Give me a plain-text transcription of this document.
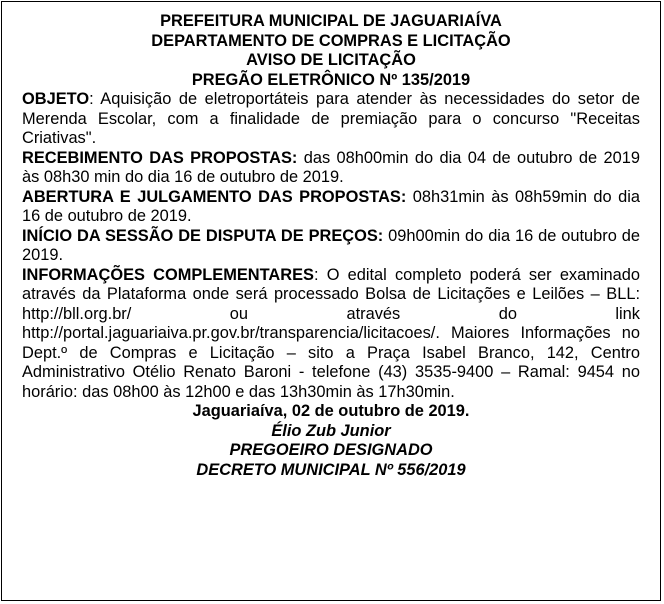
PREFEITURA MUNICIPAL DE JAGUARIAÍVA

DEPARTAMENTO DE COMPRAS E LICITAÇÃO

AVISO DE LICITAÇÃO

PREGÃO ELETRÔNICO Nº 135/2019

OBJETO: Aquisição de eletroportáteis para atender às necessidades do setor de Merenda Escolar, com a finalidade de premiação para o concurso "Receitas Criativas".

RECEBIMENTO DAS PROPOSTAS: das 08h00min do dia 04 de outubro de 2019 às 08h30 min do dia 16 de outubro de 2019.

ABERTURA E JULGAMENTO DAS PROPOSTAS: 08h31min às 08h59min do dia 16 de outubro de 2019.

INÍCIO DA SESSÃO DE DISPUTA DE PREÇOS: 09h00min do dia 16 de outubro de 2019.

INFORMAÇÕES COMPLEMENTARES: O edital completo poderá ser examinado através da Plataforma onde será processado Bolsa de Licitações e Leilões – BLL: http://bll.org.br/ ou através do link http://portal.jaguariaiva.pr.gov.br/transparencia/licitacoes/. Maiores Informações no Dept.º de Compras e Licitação – sito a Praça Isabel Branco, 142, Centro Administrativo Otélio Renato Baroni - telefone (43) 3535-9400 – Ramal: 9454 no horário: das 08h00 às 12h00 e das 13h30min às 17h30min.

Jaguariaíva, 02 de outubro de 2019.

Élio Zub Junior

PREGOEIRO DESIGNADO

DECRETO MUNICIPAL Nº 556/2019
